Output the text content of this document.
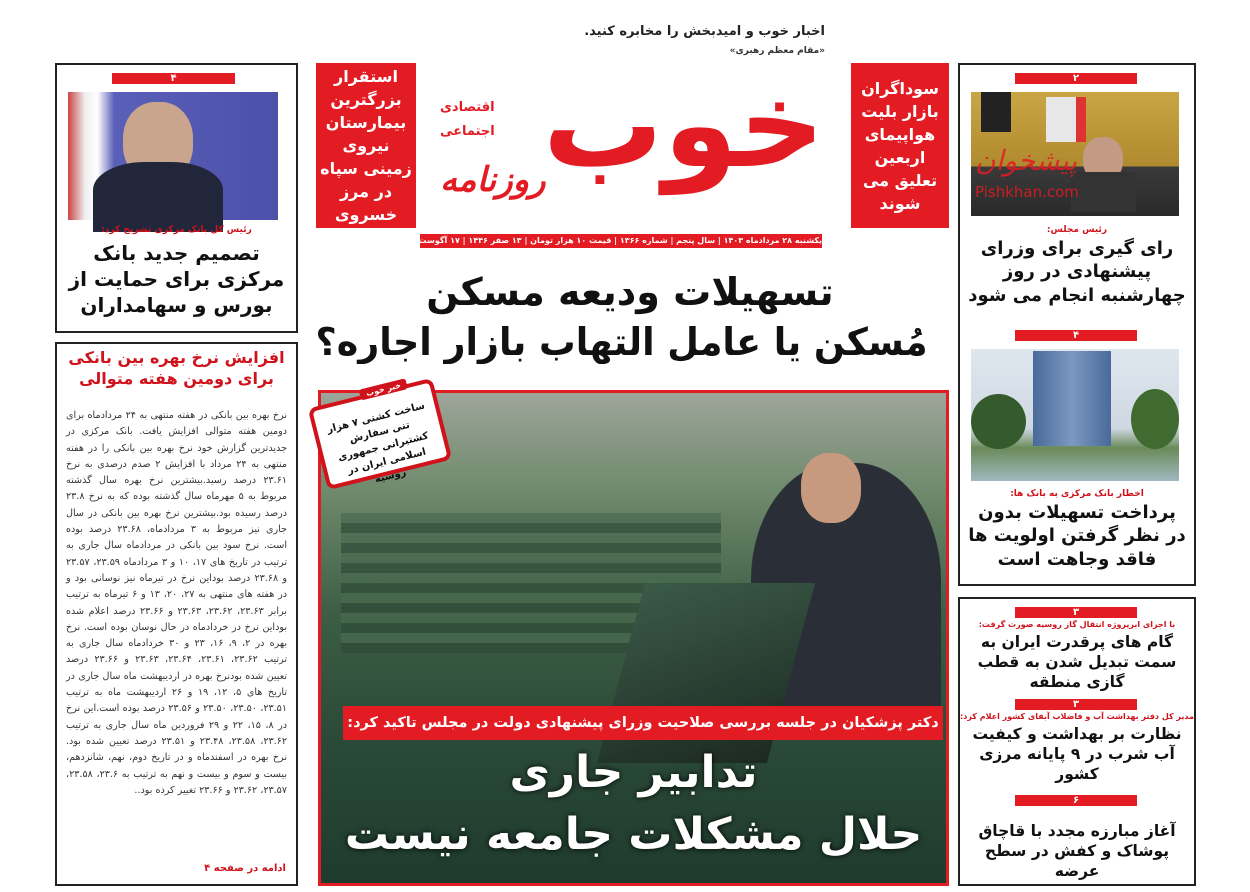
۴
رئیس کل بانک مرکزی تشریح کرد:
تصمیم جدید بانک مرکزی برای حمایت از بورس و سهامداران
افزایش نرخ بهره بین بانکی برای دومین هفته متوالی
نرخ بهره بین بانکی در هفته منتهی به ۲۴ مردادماه برای دومین هفته متوالی افزایش یافت. بانک مرکزی در جدیدترین گزارش خود نرخ بهره بین بانکی را در هفته منتهی به ۲۴ مرداد با افزایش ۲ صدم درصدی به نرخ ۲۳.۶۱ درصد رسید.بیشترین نرخ بهره سال گذشته مربوط به ۵ مهرماه سال گذشته بوده که به نرخ ۲۳.۸ درصد رسیده بود.بیشترین نرخ بهره بین بانکی در سال جاری نیز مربوط به ۳ مردادماه، ۲۳.۶۸ درصد بوده است. نرخ سود بین بانکی در مردادماه سال جاری به ترتیب در تاریخ های ۱۷، ۱۰ و ۳ مردادماه ۲۳.۵۹، ۲۳.۵۷ و ۲۳.۶۸ درصد بوداین نرخ در تیرماه نیز نوسانی بود و در هفته های منتهی به ۲۷، ۲۰، ۱۳ و ۶ تیرماه به ترتیب برابر ۲۳.۶۳، ۲۳.۶۲، ۲۳.۶۳ و ۲۳.۶۶ درصد اعلام شده بوداین نرخ در خردادماه در حال نوسان بوده است. نرخ بهره در ۲، ۹، ۱۶، ۲۳ و ۳۰ خردادماه سال جاری به ترتیب ۲۳.۶۲، ۲۳.۶۱، ۲۳.۶۴، ۲۳.۶۳ و ۲۳.۶۶ درصد تعیین شده بودنرخ بهره در اردیبهشت ماه سال جاری در تاریخ های ۵، ۱۲، ۱۹ و ۲۶ اردیبهشت ماه به ترتیب ۲۳.۵۱، ۲۳.۵۰، ۲۳.۵۰ و ۲۳.۵۶ درصد بوده است.این نرخ در ۸، ۱۵، ۲۲ و ۲۹ فروردین ماه سال جاری به ترتیب ۲۳.۶۲، ۲۳.۵۸، ۲۳.۴۸ و ۲۳.۵۱ درصد تعیین شده بود. نرخ بهره در اسفندماه و در تاریخ دوم، نهم، شانزدهم، بیست و سوم و بیست و نهم به ترتیب به ۲۳.۶، ۲۳.۵۸، ۲۳.۵۷، ۲۳.۶۲ و ۲۳.۶۶ تغییر کرده بود..
ادامه در صفحه ۴
استقرار بزرگترین بیمارستان نیروی زمینی سپاه در مرز خسروی
سوداگران بازار بلیت هواپیمای اربعین تعلیق می شوند
اخبار خوب و امیدبخش را مخابره کنید.
«مقام معظم رهبری»
خوب
اقتصادی
اجتماعی
روزنامه
یکشنبه ۲۸ مردادماه ۱۴۰۳ | سال پنجم | شماره ۱۳۶۶ | قیمت ۱۰ هزار تومان | ۱۳ صفر ۱۴۴۶ | ۱۷ آگوست ۲۰۲۴
تسهیلات ودیعه مسکن
مُسکن یا عامل التهاب بازار اجاره؟
دکتر پزشکیان در جلسه بررسی صلاحیت وزرای پیشنهادی دولت در مجلس تاکید کرد:
تدابیر جاری
حلال مشکلات جامعه نیست
خبر خوب
ساخت کشتی ۷ هزار تنی سفارش کشتیرانی جمهوری اسلامی ایران در روسیه
۲
پیشخوان
Pishkhan.com
رئیس مجلس:
رای گیری برای وزرای پیشنهادی در روز چهارشنبه انجام می شود
۴
اخطار بانک مرکزی به بانک ها:
پرداخت تسهیلات بدون در نظر گرفتن اولویت ها فاقد وجاهت است
۳
با اجرای ابرپروژه انتقال گاز روسیه صورت گرفت:
گام های پرقدرت ایران به سمت تبدیل شدن به قطب گازی منطقه
۳
مدیر کل دفتر بهداشت آب و فاضلاب آبفای کشور اعلام کرد:
نظارت بر بهداشت و کیفیت آب شرب در ۹ پایانه مرزی کشور
۶
آغاز مبارزه مجدد با قاچاق پوشاک و کفش در سطح عرضه
